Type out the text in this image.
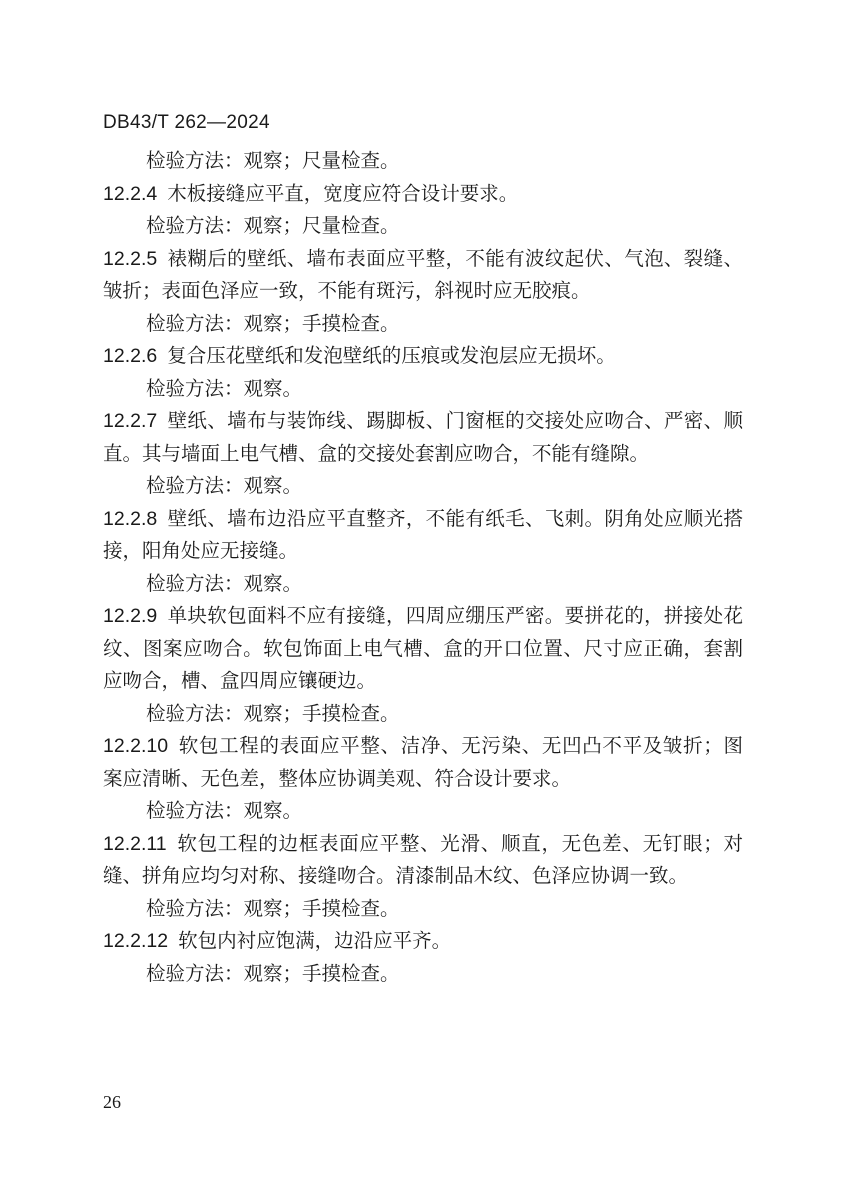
DB43/T 262—2024

检验方法：观察；尺量检查。

12.2.4 木板接缝应平直，宽度应符合设计要求。

检验方法：观察；尺量检查。

12.2.5 裱糊后的壁纸、墙布表面应平整，不能有波纹起伏、气泡、裂缝、皱折；表面色泽应一致，不能有斑污，斜视时应无胶痕。

检验方法：观察；手摸检查。

12.2.6 复合压花壁纸和发泡壁纸的压痕或发泡层应无损坏。

检验方法：观察。

12.2.7 壁纸、墙布与装饰线、踢脚板、门窗框的交接处应吻合、严密、顺直。其与墙面上电气槽、盒的交接处套割应吻合，不能有缝隙。

检验方法：观察。

12.2.8 壁纸、墙布边沿应平直整齐，不能有纸毛、飞刺。阴角处应顺光搭接，阳角处应无接缝。

检验方法：观察。

12.2.9 单块软包面料不应有接缝，四周应绷压严密。要拼花的，拼接处花纹、图案应吻合。软包饰面上电气槽、盒的开口位置、尺寸应正确，套割应吻合，槽、盒四周应镶硬边。

检验方法：观察；手摸检查。

12.2.10 软包工程的表面应平整、洁净、无污染、无凹凸不平及皱折；图案应清晰、无色差，整体应协调美观、符合设计要求。

检验方法：观察。

12.2.11 软包工程的边框表面应平整、光滑、顺直，无色差、无钉眼；对缝、拼角应均匀对称、接缝吻合。清漆制品木纹、色泽应协调一致。

检验方法：观察；手摸检查。

12.2.12 软包内衬应饱满，边沿应平齐。

检验方法：观察；手摸检查。

26
